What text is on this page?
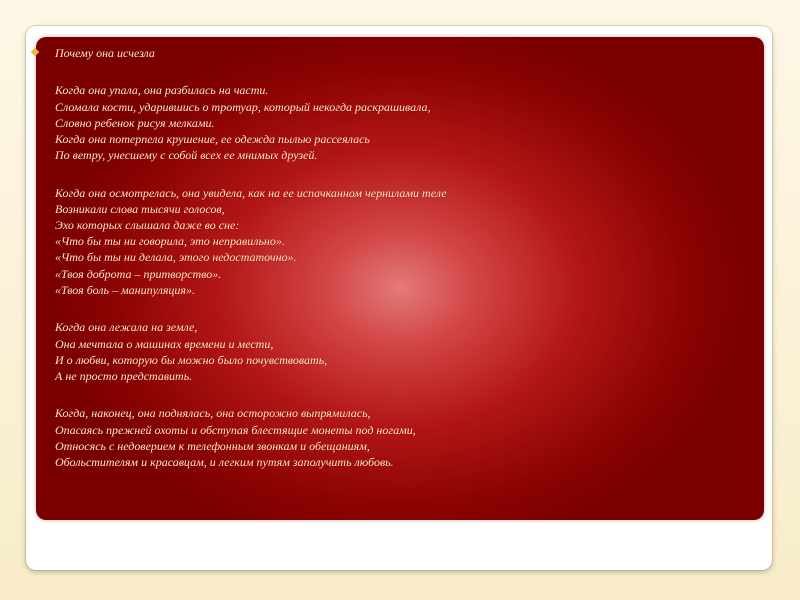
Почему она исчезла
Когда она упала, она разбилась на части.
Сломала кости, ударившись о тротуар, который некогда раскрашивала,
Словно ребенок рисуя мелками.
Когда она потерпела крушение, ее одежда пылью рассеялась
По ветру, унесшему с собой всех ее мнимых друзей.
Когда она осмотрелась, она увидела, как на ее испачканном чернилами теле
Возникали слова тысячи голосов,
Эхо которых слышала даже во сне:
«Что бы ты ни говорила, это неправильно».
«Что бы ты ни делала, этого недостаточно».
«Твоя доброта – притворство».
«Твоя боль – манипуляция».
Когда она лежала на земле,
Она мечтала о машинах времени и мести,
И о любви, которую бы можно было почувствовать,
А не просто представить.
Когда, наконец, она поднялась, она осторожно выпрямилась,
Опасаясь прежней охоты и обступая блестящие монеты под ногами,
Относясь с недоверием к телефонным звонкам и обещаниям,
Обольстителям и красавцам, и легким путям заполучить любовь.
